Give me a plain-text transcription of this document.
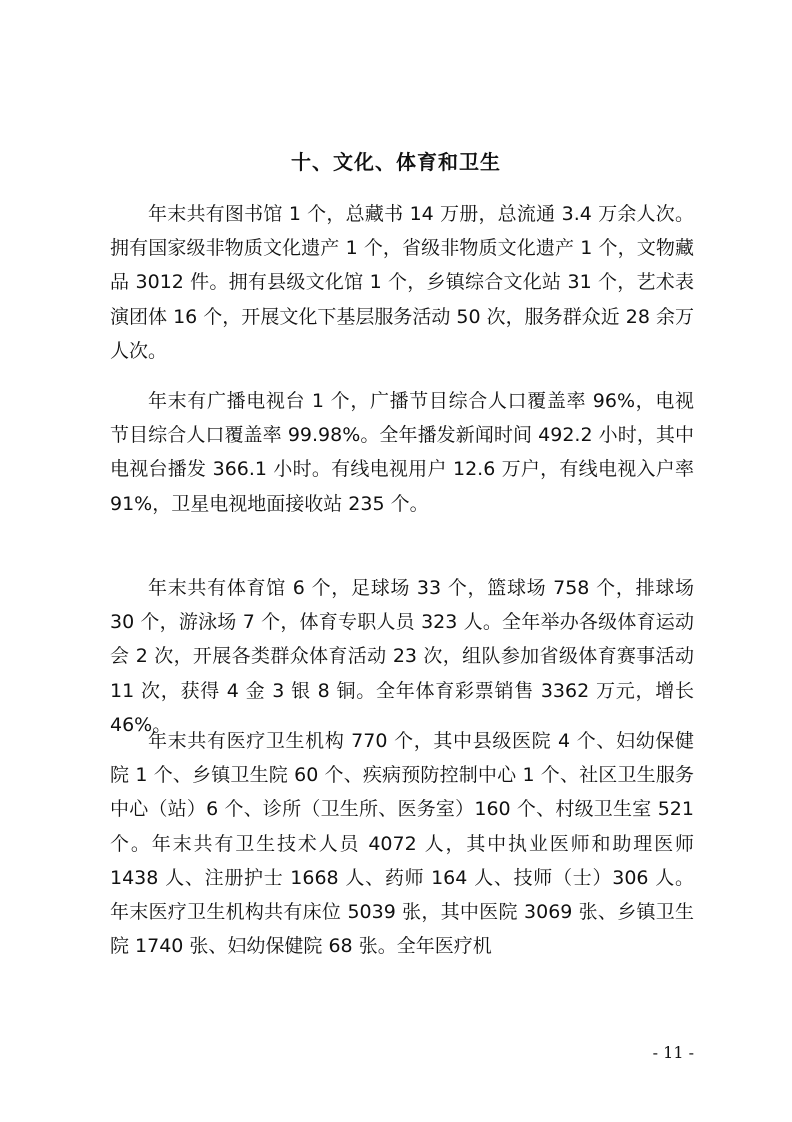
十、文化、体育和卫生

年末共有图书馆 1 个，总藏书 14 万册，总流通 3.4 万余人次。拥有国家级非物质文化遗产 1 个，省级非物质文化遗产 1 个，文物藏品 3012 件。拥有县级文化馆 1 个，乡镇综合文化站 31 个，艺术表演团体 16 个，开展文化下基层服务活动 50 次，服务群众近 28 余万人次。

年末有广播电视台 1 个，广播节目综合人口覆盖率 96%，电视节目综合人口覆盖率 99.98%。全年播发新闻时间 492.2 小时，其中电视台播发 366.1 小时。有线电视用户 12.6 万户，有线电视入户率 91%，卫星电视地面接收站 235 个。

年末共有体育馆 6 个，足球场 33 个，篮球场 758 个，排球场 30 个，游泳场 7 个，体育专职人员 323 人。全年举办各级体育运动会 2 次，开展各类群众体育活动 23 次，组队参加省级体育赛事活动 11 次，获得 4 金 3 银 8 铜。全年体育彩票销售 3362 万元，增长 46%。

年末共有医疗卫生机构 770 个，其中县级医院 4 个、妇幼保健院 1 个、乡镇卫生院 60 个、疾病预防控制中心 1 个、社区卫生服务中心（站）6 个、诊所（卫生所、医务室）160 个、村级卫生室 521 个。年末共有卫生技术人员 4072 人，其中执业医师和助理医师 1438 人、注册护士 1668 人、药师 164 人、技师（士）306 人。年末医疗卫生机构共有床位 5039 张，其中医院 3069 张、乡镇卫生院 1740 张、妇幼保健院 68 张。全年医疗机

- 11 -
